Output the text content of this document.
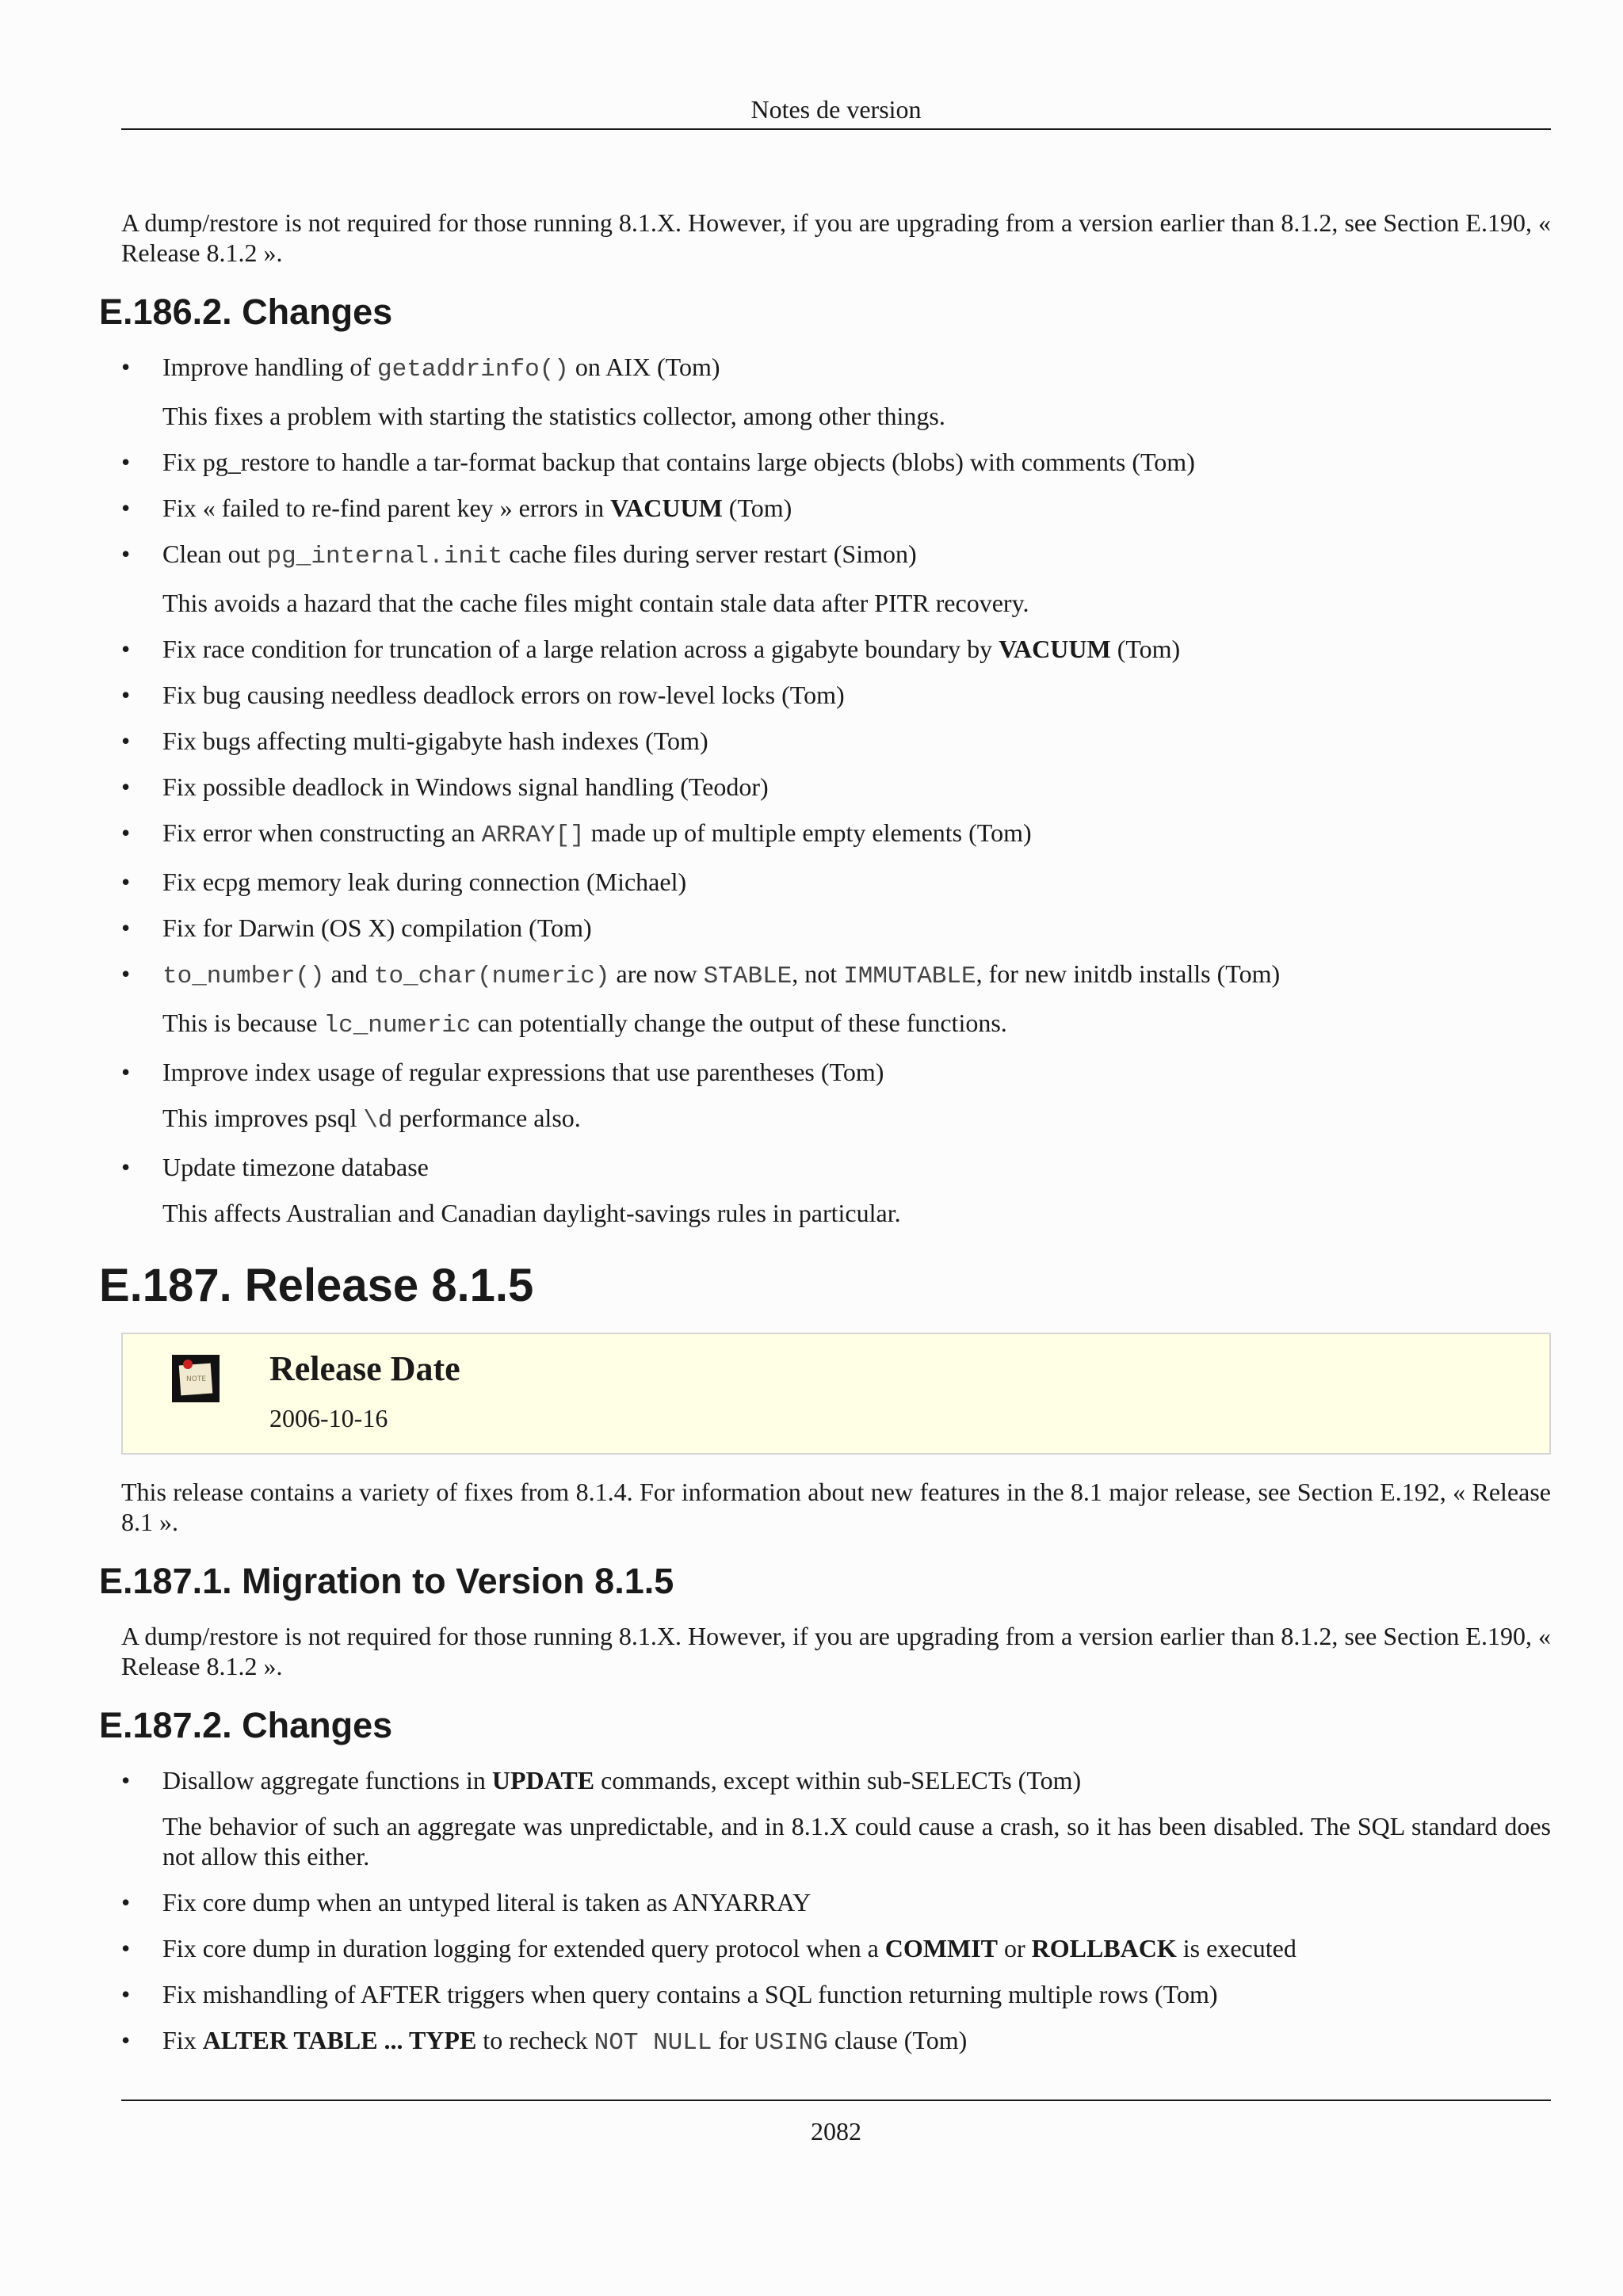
Notes de version

A dump/restore is not required for those running 8.1.X. However, if you are upgrading from a version earlier than 8.1.2, see Section E.190, « Release 8.1.2 ».

E.186.2. Changes

• Improve handling of getaddrinfo() on AIX (Tom)

This fixes a problem with starting the statistics collector, among other things.

• Fix pg_restore to handle a tar-format backup that contains large objects (blobs) with comments (Tom)

• Fix « failed to re-find parent key » errors in VACUUM (Tom)

• Clean out pg_internal.init cache files during server restart (Simon)

This avoids a hazard that the cache files might contain stale data after PITR recovery.

• Fix race condition for truncation of a large relation across a gigabyte boundary by VACUUM (Tom)

• Fix bug causing needless deadlock errors on row-level locks (Tom)

• Fix bugs affecting multi-gigabyte hash indexes (Tom)

• Fix possible deadlock in Windows signal handling (Teodor)

• Fix error when constructing an ARRAY[] made up of multiple empty elements (Tom)

• Fix ecpg memory leak during connection (Michael)

• Fix for Darwin (OS X) compilation (Tom)

• to_number() and to_char(numeric) are now STABLE, not IMMUTABLE, for new initdb installs (Tom)

This is because lc_numeric can potentially change the output of these functions.

• Improve index usage of regular expressions that use parentheses (Tom)

This improves psql \d performance also.

• Update timezone database

This affects Australian and Canadian daylight-savings rules in particular.

E.187. Release 8.1.5
NOTE Release Date
2006-10-16

This release contains a variety of fixes from 8.1.4. For information about new features in the 8.1 major release, see Section E.192, « Release 8.1 ».

E.187.1. Migration to Version 8.1.5

A dump/restore is not required for those running 8.1.X. However, if you are upgrading from a version earlier than 8.1.2, see Section E.190, « Release 8.1.2 ».

E.187.2. Changes

• Disallow aggregate functions in UPDATE commands, except within sub-SELECTs (Tom)

The behavior of such an aggregate was unpredictable, and in 8.1.X could cause a crash, so it has been disabled. The SQL standard does not allow this either.

• Fix core dump when an untyped literal is taken as ANYARRAY

• Fix core dump in duration logging for extended query protocol when a COMMIT or ROLLBACK is executed

• Fix mishandling of AFTER triggers when query contains a SQL function returning multiple rows (Tom)

• Fix ALTER TABLE ... TYPE to recheck NOT NULL for USING clause (Tom)

2082
